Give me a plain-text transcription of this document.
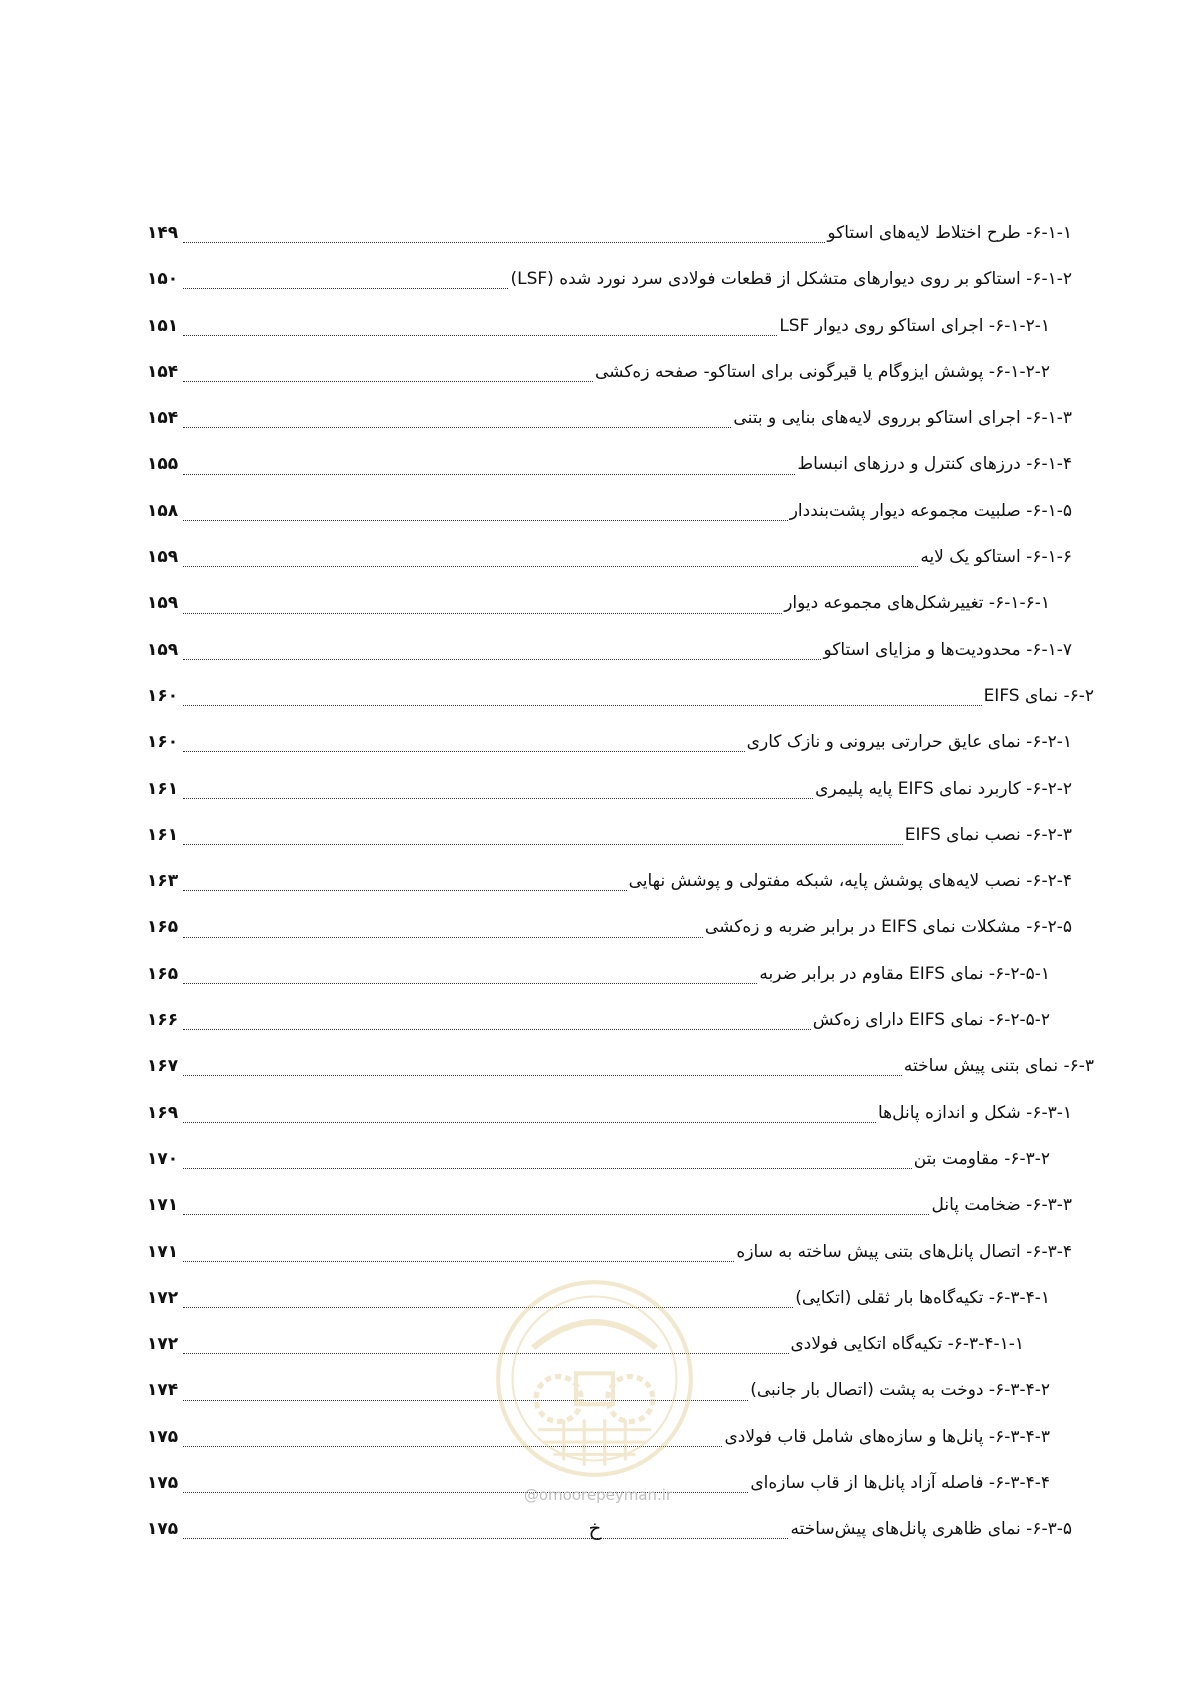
۶-۱-۱- طرح اختلاط لایه‌های استاکو
۱۴۹
۶-۱-۲- استاکو بر روی دیوارهای متشکل از قطعات فولادی سرد نورد شده (LSF)
۱۵۰
۶-۱-۲-۱- اجرای استاکو روی دیوار LSF
۱۵۱
۶-۱-۲-۲- پوشش ایزوگام یا قیرگونی برای استاکو- صفحه زه‌کشی
۱۵۴
۶-۱-۳- اجرای استاکو برروی لایه‌های بنایی و بتنی
۱۵۴
۶-۱-۴- درزهای کنترل و درزهای انبساط
۱۵۵
۶-۱-۵- صلبیت مجموعه دیوار پشت‌بنددار
۱۵۸
۶-۱-۶- استاکو یک لایه
۱۵۹
۶-۱-۶-۱- تغییرشکل‌های مجموعه دیوار
۱۵۹
۶-۱-۷- محدودیت‌ها و مزایای استاکو
۱۵۹
۶-۲- نمای EIFS
۱۶۰
۶-۲-۱- نمای عایق حرارتی بیرونی و نازک کاری
۱۶۰
۶-۲-۲- کاربرد نمای EIFS پایه پلیمری
۱۶۱
۶-۲-۳- نصب نمای EIFS
۱۶۱
۶-۲-۴- نصب لایه‌های پوشش پایه، شبکه مفتولی و پوشش نهایی
۱۶۳
۶-۲-۵- مشکلات نمای EIFS در برابر ضربه و زه‌کشی
۱۶۵
۶-۲-۵-۱- نمای EIFS مقاوم در برابر ضربه
۱۶۵
۶-۲-۵-۲- نمای EIFS دارای زه‌کش
۱۶۶
۶-۳- نمای بتنی پیش ساخته
۱۶۷
۶-۳-۱- شکل و اندازه پانل‌ها
۱۶۹
۶-۳-۲- مقاومت بتن
۱۷۰
۶-۳-۳- ضخامت پانل
۱۷۱
۶-۳-۴- اتصال پانل‌های بتنی پیش ساخته به سازه
۱۷۱
۶-۳-۴-۱- تکیه‌گاه‌ها بار ثقلی (اتکایی)
۱۷۲
۶-۳-۴-۱-۱- تکیه‌گاه اتکایی فولادی
۱۷۲
۶-۳-۴-۲- دوخت به پشت (اتصال بار جانبی)
۱۷۴
۶-۳-۴-۳- پانل‌ها و سازه‌های شامل قاب فولادی
۱۷۵
۶-۳-۴-۴- فاصله آزاد پانل‌ها از قاب سازه‌ای
۱۷۵
۶-۳-۵- نمای ظاهری پانل‌های پیش‌ساخته
۱۷۵
@omoorepeyman.ir
خ
